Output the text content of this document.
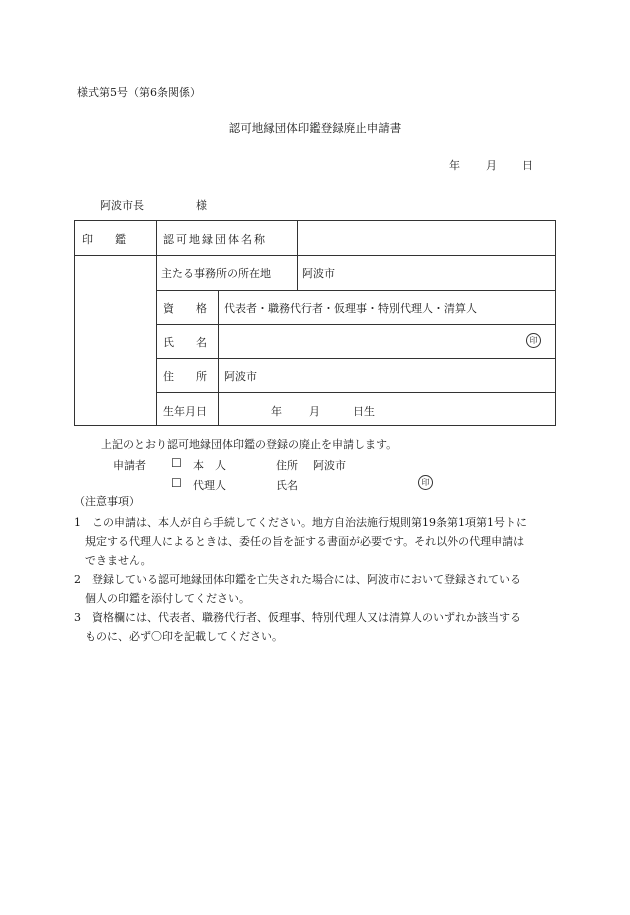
様式第5号（第6条関係）
認可地縁団体印鑑登録廃止申請書
年 月 日
阿波市長	様
印　　鑑	認可地縁団体名称
主たる事務所の所在地	阿波市
資　　格 代表者・職務代行者・仮理事・特別代理人・清算人
氏　　名	印
住　　所 阿波市
生年月日	年 月	日生
上記のとおり認可地縁団体印鑑の登録の廃止を申請します。
申請者 ☐ 本　人	住所 阿波市
☐ 代理人	氏名	印
（注意事項）
1　この申請は、本人が自ら手続してください。地方自治法施行規則第19条第1項第1号トに
　規定する代理人によるときは、委任の旨を証する書面が必要です。それ以外の代理申請は
　できません。
2　登録している認可地縁団体印鑑を亡失された場合には、阿波市において登録されている
　個人の印鑑を添付してください。
3　資格欄には、代表者、職務代行者、仮理事、特別代理人又は清算人のいずれか該当する
　ものに、必ず〇印を記載してください。
